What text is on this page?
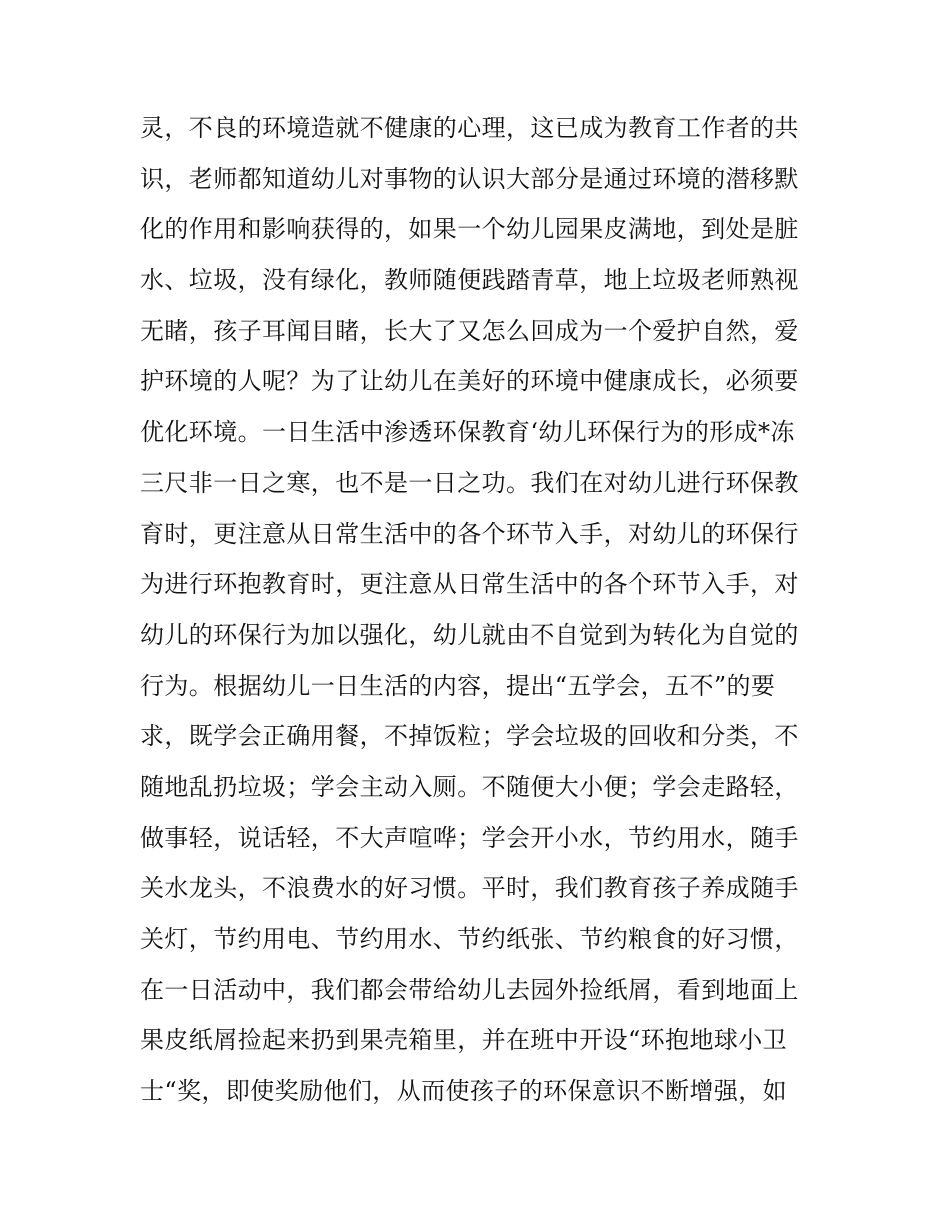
灵，不良的环境造就不健康的心理，这已成为教育工作者的共
识，老师都知道幼儿对事物的认识大部分是通过环境的潜移默
化的作用和影响获得的，如果一个幼儿园果皮满地，到处是脏
水、垃圾，没有绿化，教师随便践踏青草，地上垃圾老师熟视
无睹，孩子耳闻目睹，长大了又怎么回成为一个爱护自然，爱
护环境的人呢？为了让幼儿在美好的环境中健康成长，必须要
优化环境。一日生活中渗透环保教育‘幼儿环保行为的形成*冻
三尺非一日之寒，也不是一日之功。我们在对幼儿进行环保教
育时，更注意从日常生活中的各个环节入手，对幼儿的环保行
为进行环抱教育时，更注意从日常生活中的各个环节入手，对
幼儿的环保行为加以强化，幼儿就由不自觉到为转化为自觉的
行为。根据幼儿一日生活的内容，提出“五学会，五不”的要
求，既学会正确用餐，不掉饭粒；学会垃圾的回收和分类，不
随地乱扔垃圾；学会主动入厕。不随便大小便；学会走路轻，
做事轻，说话轻，不大声喧哗；学会开小水，节约用水，随手
关水龙头，不浪费水的好习惯。平时，我们教育孩子养成随手
关灯，节约用电、节约用水、节约纸张、节约粮食的好习惯，
在一日活动中，我们都会带给幼儿去园外捡纸屑，看到地面上
果皮纸屑捡起来扔到果壳箱里，并在班中开设“环抱地球小卫
士“奖，即使奖励他们，从而使孩子的环保意识不断增强，如
